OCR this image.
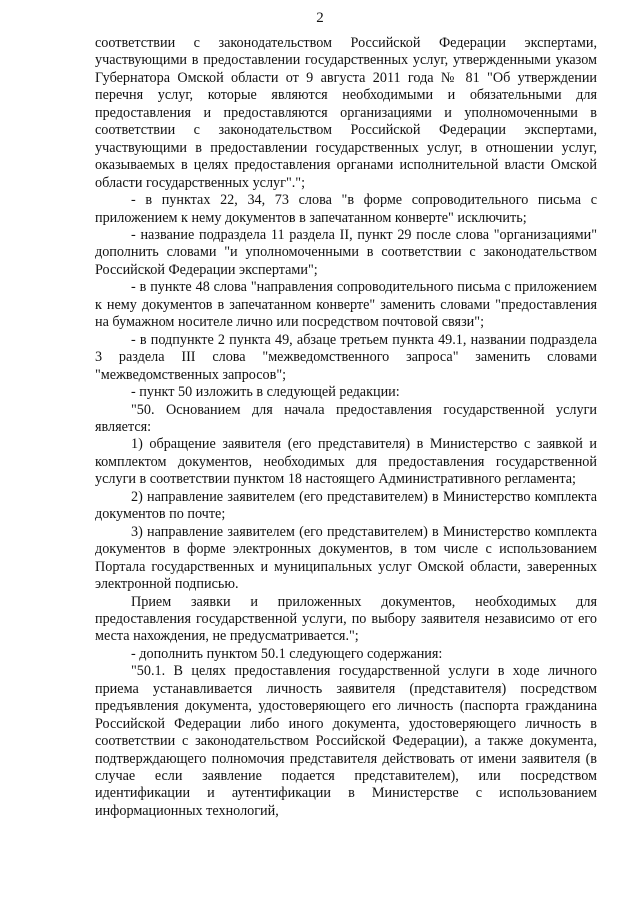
2

соответствии с законодательством Российской Федерации экспертами, участвующими в предоставлении государственных услуг, утвержденными указом Губернатора Омской области от 9 августа 2011 года № 81 "Об утверждении перечня услуг, которые являются необходимыми и обязательными для предоставления и предоставляются организациями и уполномоченными в соответствии с законодательством Российской Федерации экспертами, участвующими в предоставлении государственных услуг, в отношении услуг, оказываемых в целях предоставления органами исполнительной власти Омской области государственных услуг".";

- в пунктах 22, 34, 73 слова "в форме сопроводительного письма с приложением к нему документов в запечатанном конверте" исключить;

- название подраздела 11 раздела II, пункт 29 после слова "организациями" дополнить словами "и уполномоченными в соответствии с законодательством Российской Федерации экспертами";

- в пункте 48 слова "направления сопроводительного письма с приложением к нему документов в запечатанном конверте" заменить словами "предоставления на бумажном носителе лично или посредством почтовой связи";

- в подпункте 2 пункта 49, абзаце третьем пункта 49.1, названии подраздела 3 раздела III слова "межведомственного запроса" заменить словами "межведомственных запросов";

- пункт 50 изложить в следующей редакции:

"50. Основанием для начала предоставления государственной услуги является:

1) обращение заявителя (его представителя) в Министерство с заявкой и комплектом документов, необходимых для предоставления государственной услуги в соответствии пунктом 18 настоящего Административного регламента;

2) направление заявителем (его представителем) в Министерство комплекта документов по почте;

3) направление заявителем (его представителем) в Министерство комплекта документов в форме электронных документов, в том числе с использованием Портала государственных и муниципальных услуг Омской области, заверенных электронной подписью.

Прием заявки и приложенных документов, необходимых для предоставления государственной услуги, по выбору заявителя независимо от его места нахождения, не предусматривается.";

- дополнить пунктом 50.1 следующего содержания:

"50.1. В целях предоставления государственной услуги в ходе личного приема устанавливается личность заявителя (представителя) посредством предъявления документа, удостоверяющего его личность (паспорта гражданина Российской Федерации либо иного документа, удостоверяющего личность в соответствии с законодательством Российской Федерации), а также документа, подтверждающего полномочия представителя действовать от имени заявителя (в случае если заявление подается представителем), или посредством идентификации и аутентификации в Министерстве с использованием информационных технологий,
